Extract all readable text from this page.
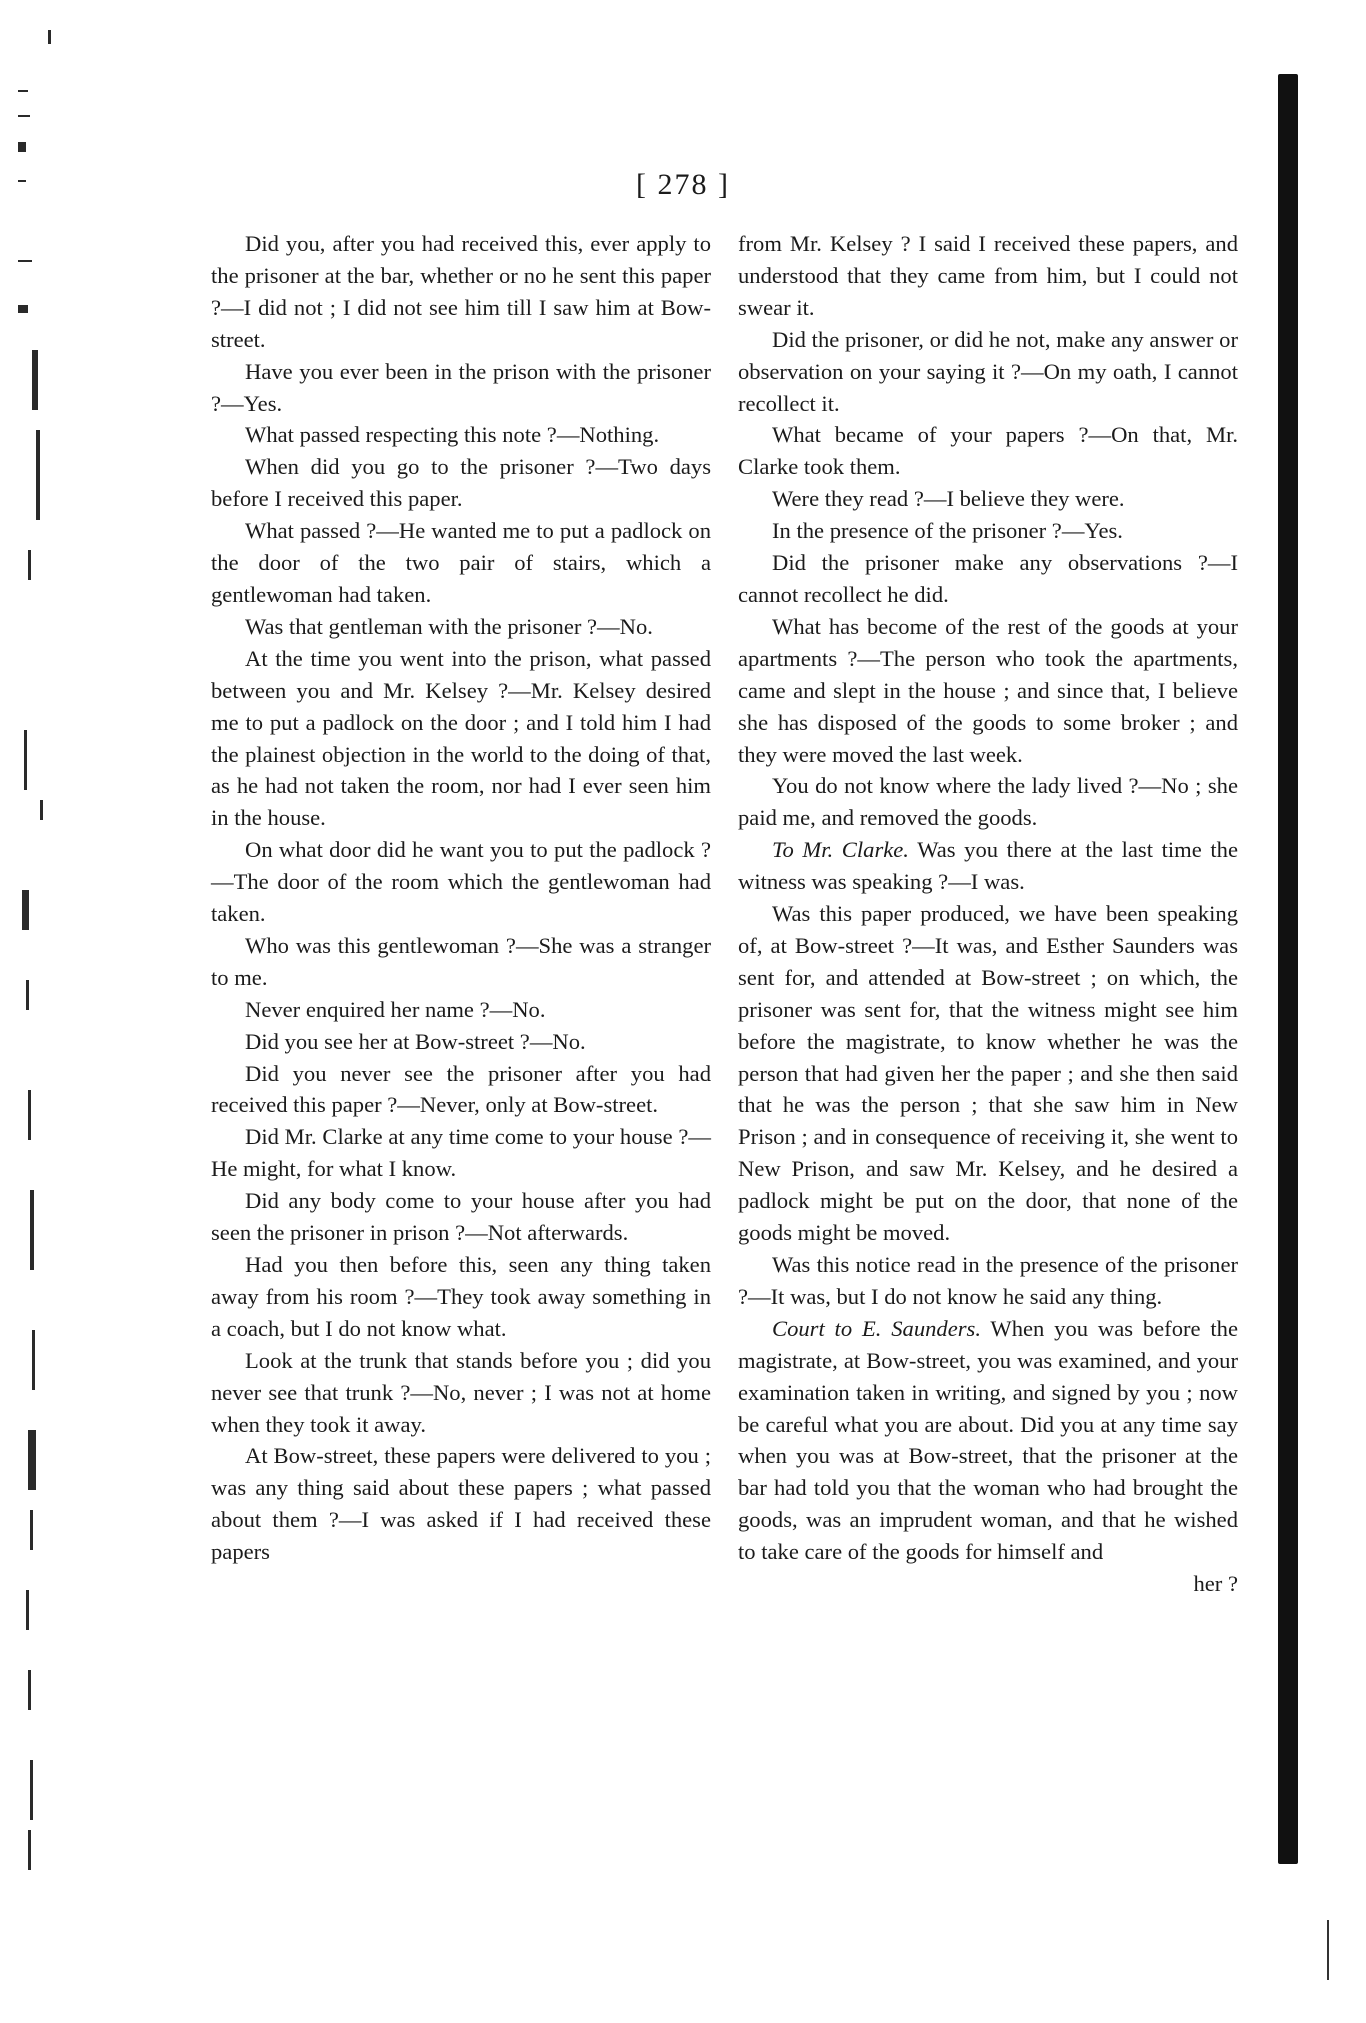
[ 278 ]

Did you, after you had received this, ever apply to the prisoner at the bar, whether or no he sent this paper ?—I did not ; I did not see him till I saw him at Bow-street.

Have you ever been in the prison with the prisoner ?—Yes.

What passed respecting this note ?—Nothing.

When did you go to the prisoner ?—Two days before I received this paper.

What passed ?—He wanted me to put a padlock on the door of the two pair of stairs, which a gentlewoman had taken.

Was that gentleman with the prisoner ?—No.

At the time you went into the prison, what passed between you and Mr. Kelsey ?—Mr. Kelsey desired me to put a padlock on the door ; and I told him I had the plainest objection in the world to the doing of that, as he had not taken the room, nor had I ever seen him in the house.

On what door did he want you to put the padlock ?—The door of the room which the gentlewoman had taken.

Who was this gentlewoman ?—She was a stranger to me.

Never enquired her name ?—No.

Did you see her at Bow-street ?—No.

Did you never see the prisoner after you had received this paper ?—Never, only at Bow-street.

Did Mr. Clarke at any time come to your house ?—He might, for what I know.

Did any body come to your house after you had seen the prisoner in prison ?—Not afterwards.

Had you then before this, seen any thing taken away from his room ?—They took away something in a coach, but I do not know what.

Look at the trunk that stands before you ; did you never see that trunk ?—No, never ; I was not at home when they took it away.

At Bow-street, these papers were delivered to you ; was any thing said about these papers ; what passed about them ?—I was asked if I had received these papers

from Mr. Kelsey ? I said I received these papers, and understood that they came from him, but I could not swear it.

Did the prisoner, or did he not, make any answer or observation on your saying it ?—On my oath, I cannot recollect it.

What became of your papers ?—On that, Mr. Clarke took them.

Were they read ?—I believe they were.

In the presence of the prisoner ?—Yes.

Did the prisoner make any observations ?—I cannot recollect he did.

What has become of the rest of the goods at your apartments ?—The person who took the apartments, came and slept in the house ; and since that, I believe she has disposed of the goods to some broker ; and they were moved the last week.

You do not know where the lady lived ?—No ; she paid me, and removed the goods.

To Mr. Clarke. Was you there at the last time the witness was speaking ?—I was.

Was this paper produced, we have been speaking of, at Bow-street ?—It was, and Esther Saunders was sent for, and attended at Bow-street ; on which, the prisoner was sent for, that the witness might see him before the magistrate, to know whether he was the person that had given her the paper ; and she then said that he was the person ; that she saw him in New Prison ; and in consequence of receiving it, she went to New Prison, and saw Mr. Kelsey, and he desired a padlock might be put on the door, that none of the goods might be moved.

Was this notice read in the presence of the prisoner ?—It was, but I do not know he said any thing.

Court to E. Saunders. When you was before the magistrate, at Bow-street, you was examined, and your examination taken in writing, and signed by you ; now be careful what you are about. Did you at any time say when you was at Bow-street, that the prisoner at the bar had told you that the woman who had brought the goods, was an imprudent woman, and that he wished to take care of the goods for himself and

her ?
